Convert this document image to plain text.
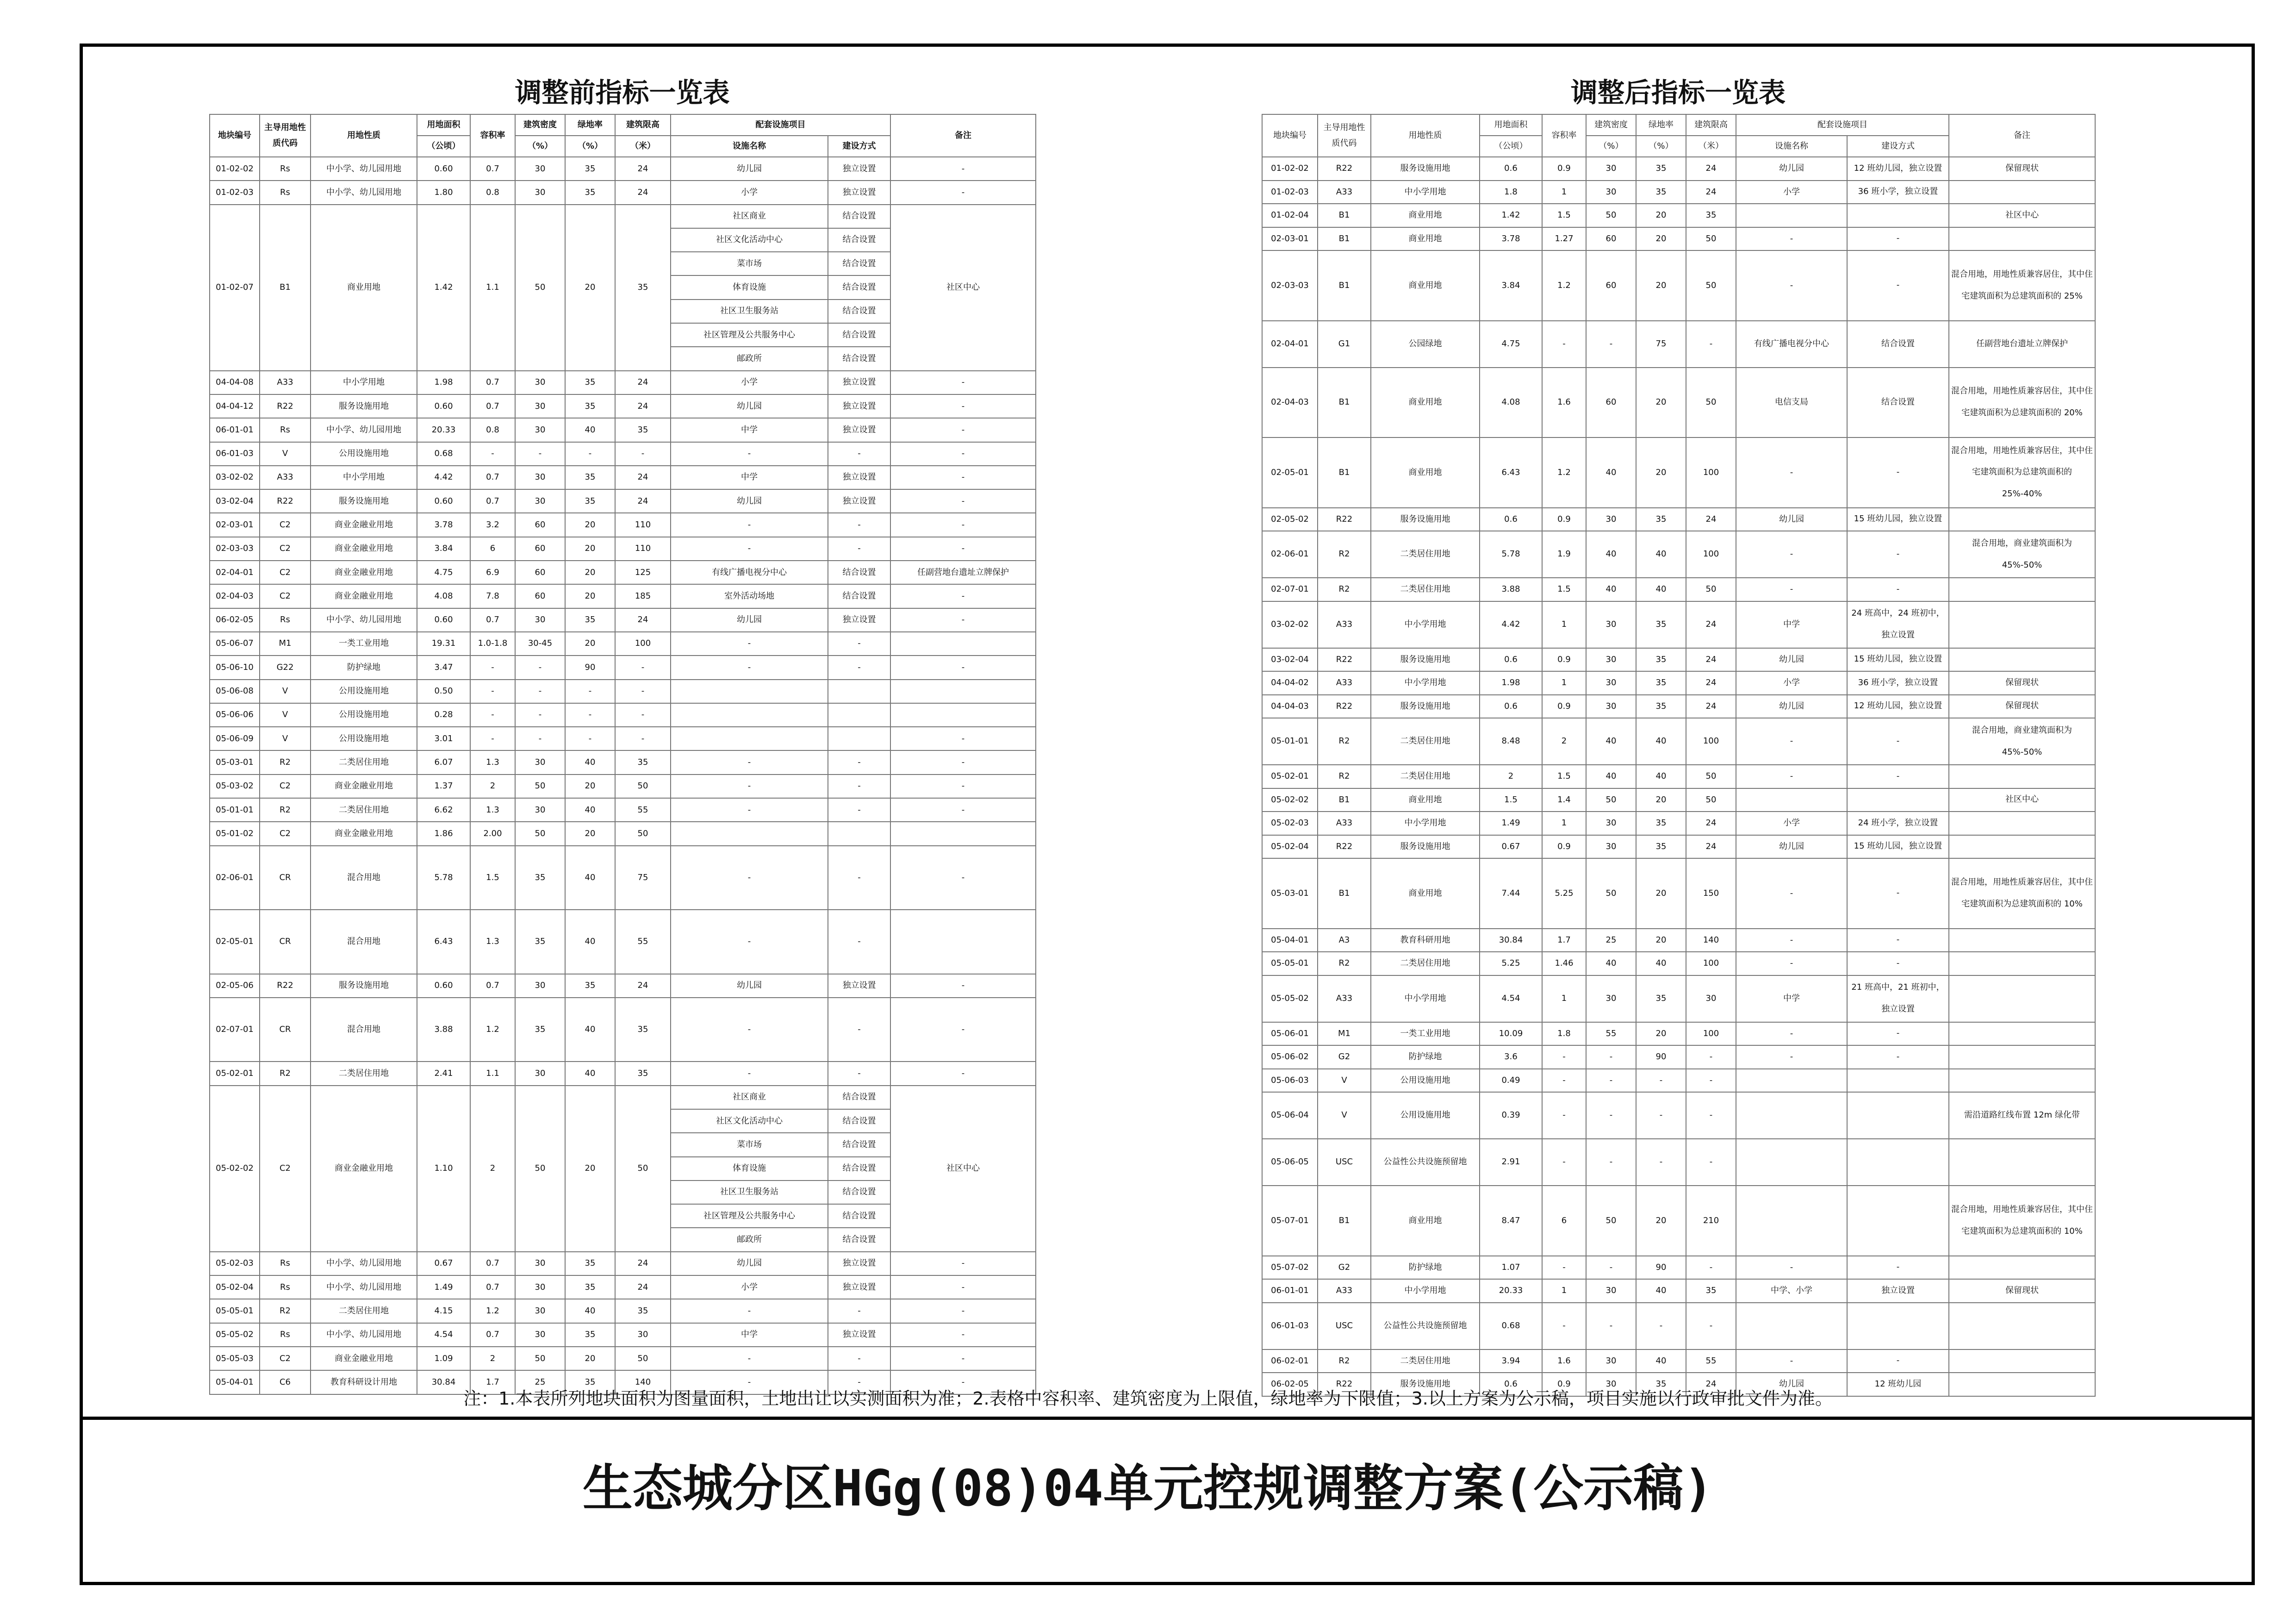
调整前指标一览表
地块编号	主导用地性质代码	用地性质	用地面积	容积率	建筑密度	绿地率	建筑限高	配套设施项目		备注
			（公顷）		（%）	（%）	（米）	设施名称	建设方式	
01-02-02	Rs	中小学、幼儿园用地	0.60	0.7	30	35	24	幼儿园	独立设置	-
01-02-03	Rs	中小学、幼儿园用地	1.80	0.8	30	35	24	小学	独立设置	-
01-02-07	B1	商业用地	1.42	1.1	50	20	35	社区商业	结合设置	社区中心
								社区文化活动中心	结合设置	
								菜市场	结合设置	
								体育设施	结合设置	
								社区卫生服务站	结合设置	
								社区管理及公共服务中心	结合设置	
								邮政所	结合设置	
04-04-08	A33	中小学用地	1.98	0.7	30	35	24	小学	独立设置	-
04-04-12	R22	服务设施用地	0.60	0.7	30	35	24	幼儿园	独立设置	-
06-01-01	Rs	中小学、幼儿园用地	20.33	0.8	30	40	35	中学	独立设置	-
06-01-03	V	公用设施用地	0.68	-	-	-	-	-	-	-
03-02-02	A33	中小学用地	4.42	0.7	30	35	24	中学	独立设置	-
03-02-04	R22	服务设施用地	0.60	0.7	30	35	24	幼儿园	独立设置	-
02-03-01	C2	商业金融业用地	3.78	3.2	60	20	110	-	-	-
02-03-03	C2	商业金融业用地	3.84	6	60	20	110	-	-	-
02-04-01	C2	商业金融业用地	4.75	6.9	60	20	125	有线广播电视分中心	结合设置	任副营地台遗址立牌保护
02-04-03	C2	商业金融业用地	4.08	7.8	60	20	185	室外活动场地	结合设置	-
06-02-05	Rs	中小学、幼儿园用地	0.60	0.7	30	35	24	幼儿园	独立设置	-
05-06-07	M1	一类工业用地	19.31	1.0-1.8	30-45	20	100	-	-	
05-06-10	G22	防护绿地	3.47	-	-	90	-	-	-	-
05-06-08	V	公用设施用地	0.50	-	-	-	-			
05-06-06	V	公用设施用地	0.28	-	-	-	-			
05-06-09	V	公用设施用地	3.01	-	-	-	-			-
05-03-01	R2	二类居住用地	6.07	1.3	30	40	35	-	-	-
05-03-02	C2	商业金融业用地	1.37	2	50	20	50	-	-	-
05-01-01	R2	二类居住用地	6.62	1.3	30	40	55	-	-	-
05-01-02	C2	商业金融业用地	1.86	2.00	50	20	50			
02-06-01	CR	混合用地	5.78	1.5	35	40	75	-	-	-
02-05-01	CR	混合用地	6.43	1.3	35	40	55	-	-	
02-05-06	R22	服务设施用地	0.60	0.7	30	35	24	幼儿园	独立设置	-
02-07-01	CR	混合用地	3.88	1.2	35	40	35	-	-	-
05-02-01	R2	二类居住用地	2.41	1.1	30	40	35	-	-	-
05-02-02	C2	商业金融业用地	1.10	2	50	20	50	社区商业	结合设置	社区中心
								社区文化活动中心	结合设置	
								菜市场	结合设置	
								体育设施	结合设置	
								社区卫生服务站	结合设置	
								社区管理及公共服务中心	结合设置	
								邮政所	结合设置	
05-02-03	Rs	中小学、幼儿园用地	0.67	0.7	30	35	24	幼儿园	独立设置	-
05-02-04	Rs	中小学、幼儿园用地	1.49	0.7	30	35	24	小学	独立设置	-
05-05-01	R2	二类居住用地	4.15	1.2	30	40	35	-	-	-
05-05-02	Rs	中小学、幼儿园用地	4.54	0.7	30	35	30	中学	独立设置	-
05-05-03	C2	商业金融业用地	1.09	2	50	20	50	-	-	-
05-04-01	C6	教育科研设计用地	30.84	1.7	25	35	140	-	-	-
调整后指标一览表
地块编号	主导用地性质代码	用地性质	用地面积	容积率	建筑密度	绿地率	建筑限高	配套设施项目		备注
			（公顷）		（%）	（%）	（米）	设施名称	建设方式	
01-02-02	R22	服务设施用地	0.6	0.9	30	35	24	幼儿园	12 班幼儿园，独立设置	保留现状
01-02-03	A33	中小学用地	1.8	1	30	35	24	小学	36 班小学，独立设置	
01-02-04	B1	商业用地	1.42	1.5	50	20	35			社区中心
02-03-01	B1	商业用地	3.78	1.27	60	20	50	-	-	
02-03-03	B1	商业用地	3.84	1.2	60	20	50	-	-	混合用地，用地性质兼容居住，其中住宅建筑面积为总建筑面积的 25%
02-04-01	G1	公园绿地	4.75	-	-	75	-	有线广播电视分中心	结合设置	任副营地台遗址立牌保护
02-04-03	B1	商业用地	4.08	1.6	60	20	50	电信支局	结合设置	混合用地，用地性质兼容居住，其中住宅建筑面积为总建筑面积的 20%
02-05-01	B1	商业用地	6.43	1.2	40	20	100	-	-	混合用地，用地性质兼容居住，其中住宅建筑面积为总建筑面积的 25%-40%
02-05-02	R22	服务设施用地	0.6	0.9	30	35	24	幼儿园	15 班幼儿园，独立设置	
02-06-01	R2	二类居住用地	5.78	1.9	40	40	100	-	-	混合用地，商业建筑面积为 45%-50%
02-07-01	R2	二类居住用地	3.88	1.5	40	40	50	-	-	
03-02-02	A33	中小学用地	4.42	1	30	35	24	中学	24 班高中，24 班初中，独立设置	
03-02-04	R22	服务设施用地	0.6	0.9	30	35	24	幼儿园	15 班幼儿园，独立设置	
04-04-02	A33	中小学用地	1.98	1	30	35	24	小学	36 班小学，独立设置	保留现状
04-04-03	R22	服务设施用地	0.6	0.9	30	35	24	幼儿园	12 班幼儿园，独立设置	保留现状
05-01-01	R2	二类居住用地	8.48	2	40	40	100	-	-	混合用地，商业建筑面积为 45%-50%
05-02-01	R2	二类居住用地	2	1.5	40	40	50	-	-	
05-02-02	B1	商业用地	1.5	1.4	50	20	50			社区中心
05-02-03	A33	中小学用地	1.49	1	30	35	24	小学	24 班小学，独立设置	
05-02-04	R22	服务设施用地	0.67	0.9	30	35	24	幼儿园	15 班幼儿园，独立设置	
05-03-01	B1	商业用地	7.44	5.25	50	20	150	-	-	混合用地，用地性质兼容居住，其中住宅建筑面积为总建筑面积的 10%
05-04-01	A3	教育科研用地	30.84	1.7	25	20	140	-	-	
05-05-01	R2	二类居住用地	5.25	1.46	40	40	100	-	-	
05-05-02	A33	中小学用地	4.54	1	30	35	30	中学	21 班高中，21 班初中，独立设置	
05-06-01	M1	一类工业用地	10.09	1.8	55	20	100	-	-	
05-06-02	G2	防护绿地	3.6	-	-	90	-	-	-	
05-06-03	V	公用设施用地	0.49	-	-	-	-			
05-06-04	V	公用设施用地	0.39	-	-	-	-			需沿道路红线布置 12m 绿化带
05-06-05	USC	公益性公共设施预留地	2.91	-	-	-	-			
05-07-01	B1	商业用地	8.47	6	50	20	210			混合用地，用地性质兼容居住，其中住宅建筑面积为总建筑面积的 10%
05-07-02	G2	防护绿地	1.07	-	-	90	-	-	-	
06-01-01	A33	中小学用地	20.33	1	30	40	35	中学、小学	独立设置	保留现状
06-01-03	USC	公益性公共设施预留地	0.68	-	-	-	-			
06-02-01	R2	二类居住用地	3.94	1.6	30	40	55	-	-	
06-02-05	R22	服务设施用地	0.6	0.9	30	35	24	幼儿园	12 班幼儿园	
注：1.本表所列地块面积为图量面积，土地出让以实测面积为准；2.表格中容积率、建筑密度为上限值，绿地率为下限值；3.以上方案为公示稿，项目实施以行政审批文件为准。
生态城分区HGg(08)04单元控规调整方案(公示稿)
